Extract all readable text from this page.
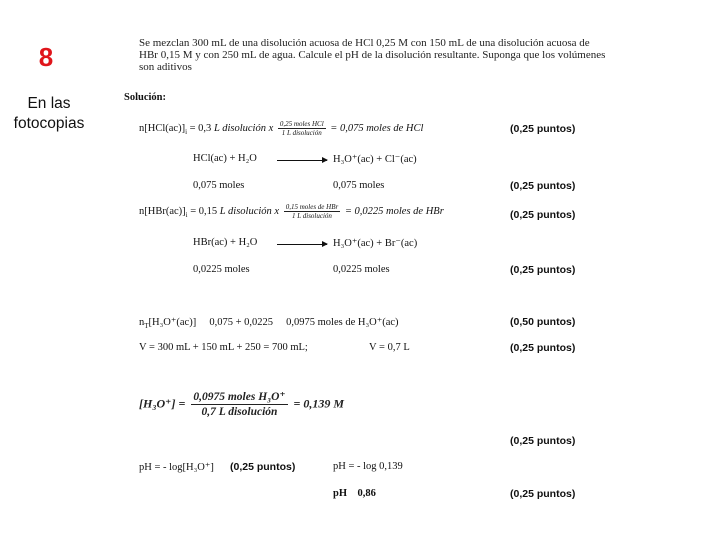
8
En las fotocopias
Se mezclan 300 mL de una disolución acuosa de HCl 0,25 M con 150 mL de una disolución acuosa de HBr 0,15 M y con 250 mL de agua. Calcule el pH de la disolución resultante. Suponga que los volúmenes son aditivos
Solución:
$n[HCl(ac)]_i = 0,3$ L disolución x $\frac{\text{0,25 moles HCl}}{\text{1 L disolución}} = 0,075$ moles de HCl	(0,25 puntos)
HCl(ac) + H₂O	H₃O⁺(ac) + Cl⁻(ac)
0,075 moles	0,075 moles	(0,25 puntos)
$n[HBr(ac)]_i = 0,15$ L disolución x $\frac{\text{0,15 moles de HBr}}{\text{1 L disolución}} = 0,0225$ moles de HBr	(0,25 puntos)
HBr(ac) + H₂O	H₃O⁺(ac) + Br⁻(ac)
0,0225 moles	0,0225 moles	(0,25 puntos)
$n_T[H_3O^+(ac)]$     0,075 + 0,0225     0,0975 moles de H₃O⁺(ac)	(0,50 puntos)
V = 300 mL + 150 mL + 250 = 700 mL;	V = 0,7 L	(0,25 puntos)
$[H_3O^+] = \frac{\text{0,0975 moles H₃O⁺}}{\text{0,7 L disolución}} = 0,139$ M
(0,25 puntos)
pH = - log[H₃O⁺] (0,25 puntos)	pH = - log 0,139
pH    0,86	(0,25 puntos)
